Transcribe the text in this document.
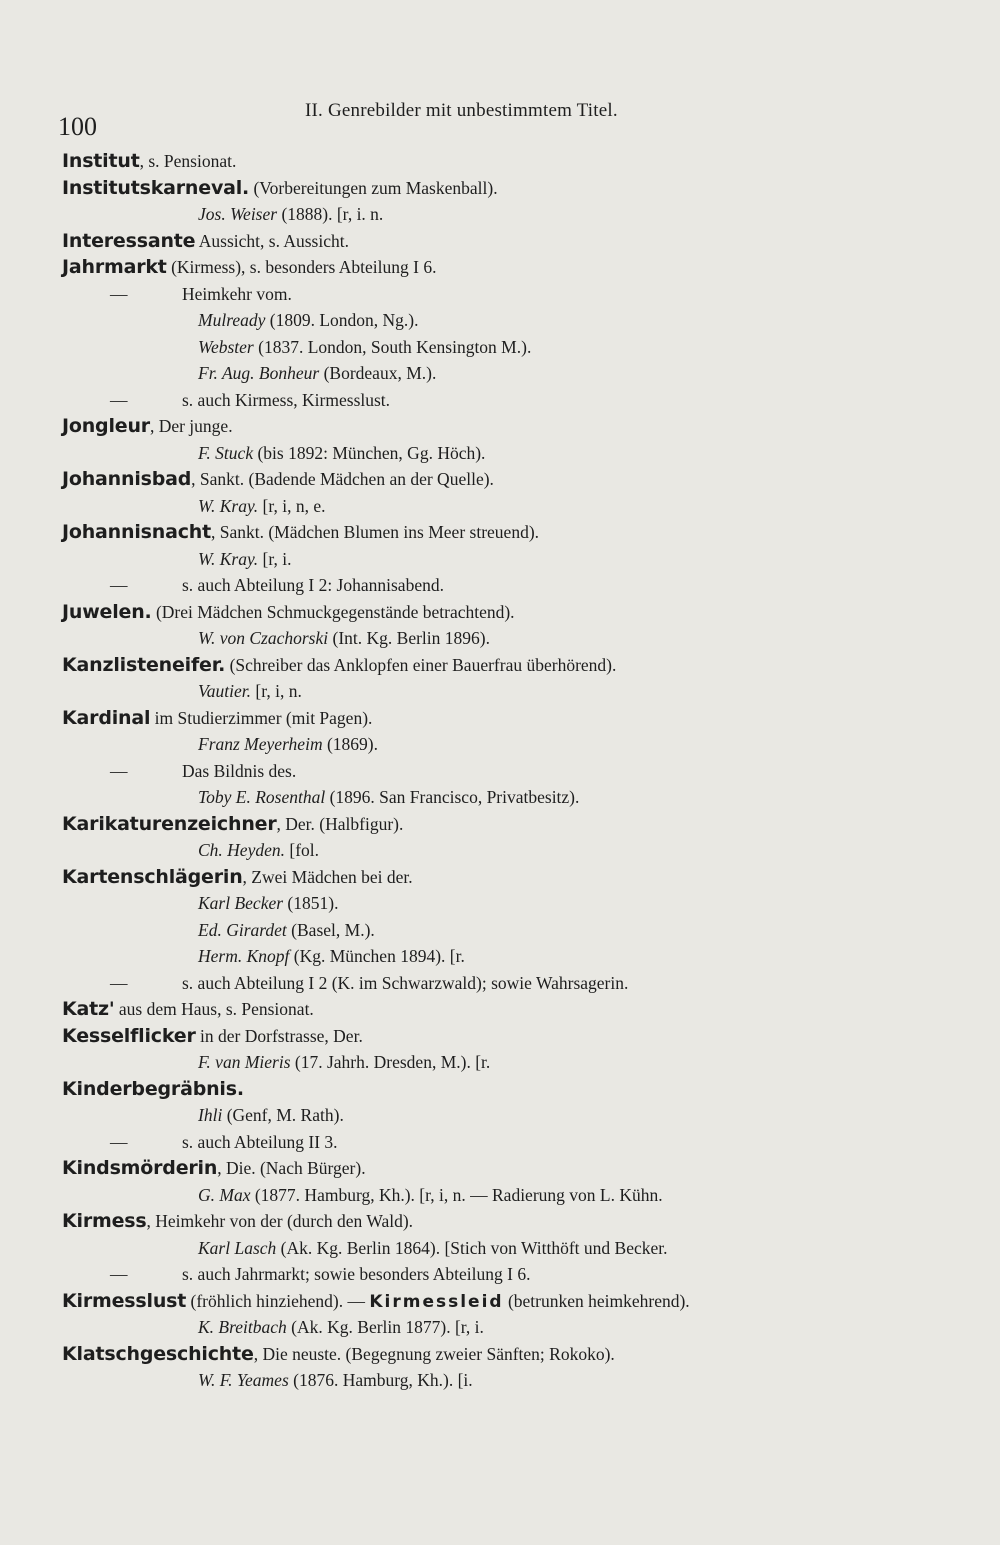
100
II. Genrebilder mit unbestimmtem Titel.
Institut, s. Pensionat.
Institutskarneval. (Vorbereitungen zum Maskenball).
Jos. Weiser (1888). [r, i. n.
Interessante Aussicht, s. Aussicht.
Jahrmarkt (Kirmess), s. besonders Abteilung I 6.
—	Heimkehr vom.
Mulready (1809. London, Ng.).
Webster (1837. London, South Kensington M.).
Fr. Aug. Bonheur (Bordeaux, M.).
—	s. auch Kirmess, Kirmesslust.
Jongleur, Der junge.
F. Stuck (bis 1892: München, Gg. Höch).
Johannisbad, Sankt. (Badende Mädchen an der Quelle).
W. Kray. [r, i, n, e.
Johannisnacht, Sankt. (Mädchen Blumen ins Meer streuend).
W. Kray. [r, i.
—	s. auch Abteilung I 2: Johannisabend.
Juwelen. (Drei Mädchen Schmuckgegenstände betrachtend).
W. von Czachorski (Int. Kg. Berlin 1896).
Kanzlisteneifer. (Schreiber das Anklopfen einer Bauerfrau überhörend).
Vautier. [r, i, n.
Kardinal im Studierzimmer (mit Pagen).
Franz Meyerheim (1869).
—	Das Bildnis des.
Toby E. Rosenthal (1896. San Francisco, Privatbesitz).
Karikaturenzeichner, Der. (Halbfigur).
Ch. Heyden. [fol.
Kartenschlägerin, Zwei Mädchen bei der.
Karl Becker (1851).
Ed. Girardet (Basel, M.).
Herm. Knopf (Kg. München 1894). [r.
—	s. auch Abteilung I 2 (K. im Schwarzwald); sowie Wahrsagerin.
Katz' aus dem Haus, s. Pensionat.
Kesselflicker in der Dorfstrasse, Der.
F. van Mieris (17. Jahrh. Dresden, M.). [r.
Kinderbegräbnis.
Ihli (Genf, M. Rath).
—	s. auch Abteilung II 3.
Kindsmörderin, Die. (Nach Bürger).
G. Max (1877. Hamburg, Kh.). [r, i, n. — Radierung von L. Kühn.
Kirmess, Heimkehr von der (durch den Wald).
Karl Lasch (Ak. Kg. Berlin 1864). [Stich von Witthöft und Becker.
—	s. auch Jahrmarkt; sowie besonders Abteilung I 6.
Kirmesslust (fröhlich hinziehend). — Kirmessleid (betrunken heimkehrend).
K. Breitbach (Ak. Kg. Berlin 1877). [r, i.
Klatschgeschichte, Die neuste. (Begegnung zweier Sänften; Rokoko).
W. F. Yeames (1876. Hamburg, Kh.). [i.
